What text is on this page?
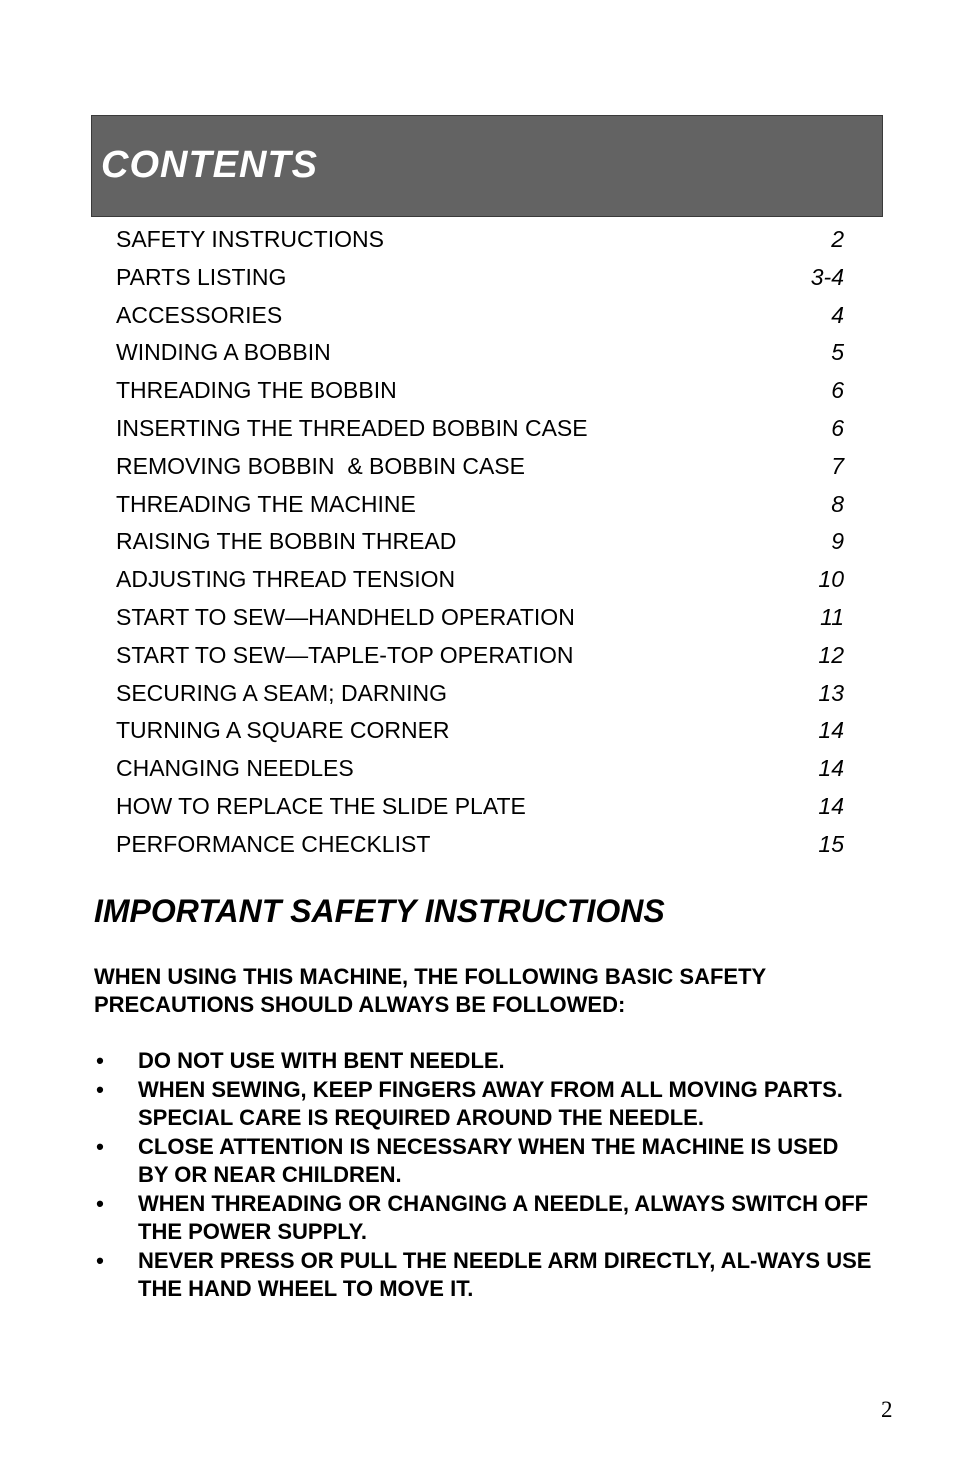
CONTENTS
SAFETY INSTRUCTIONS	2
PARTS LISTING	3-4
ACCESSORIES	4
WINDING A BOBBIN	5
THREADING THE BOBBIN	6
INSERTING THE THREADED BOBBIN CASE	6
REMOVING BOBBIN  & BOBBIN CASE	7
THREADING THE MACHINE	8
RAISING THE BOBBIN THREAD	9
ADJUSTING THREAD TENSION	10
START TO SEW—HANDHELD OPERATION	11
START TO SEW—TAPLE-TOP OPERATION	12
SECURING A SEAM; DARNING	13
TURNING A SQUARE CORNER	14
CHANGING NEEDLES	14
HOW TO REPLACE THE SLIDE PLATE	14
PERFORMANCE CHECKLIST	15
IMPORTANT SAFETY INSTRUCTIONS
WHEN USING THIS MACHINE, THE FOLLOWING BASIC SAFETY PRECAUTIONS SHOULD ALWAYS BE FOLLOWED:
• DO NOT USE WITH BENT NEEDLE.
• WHEN SEWING, KEEP FINGERS AWAY FROM ALL MOVING PARTS. SPECIAL CARE IS REQUIRED AROUND THE NEEDLE.
• CLOSE ATTENTION IS NECESSARY WHEN THE MACHINE IS USED BY OR NEAR CHILDREN.
• WHEN THREADING OR CHANGING A NEEDLE, ALWAYS SWITCH OFF THE POWER SUPPLY.
• NEVER PRESS OR PULL THE NEEDLE ARM DIRECTLY, AL-WAYS USE THE HAND WHEEL TO MOVE IT.
2
